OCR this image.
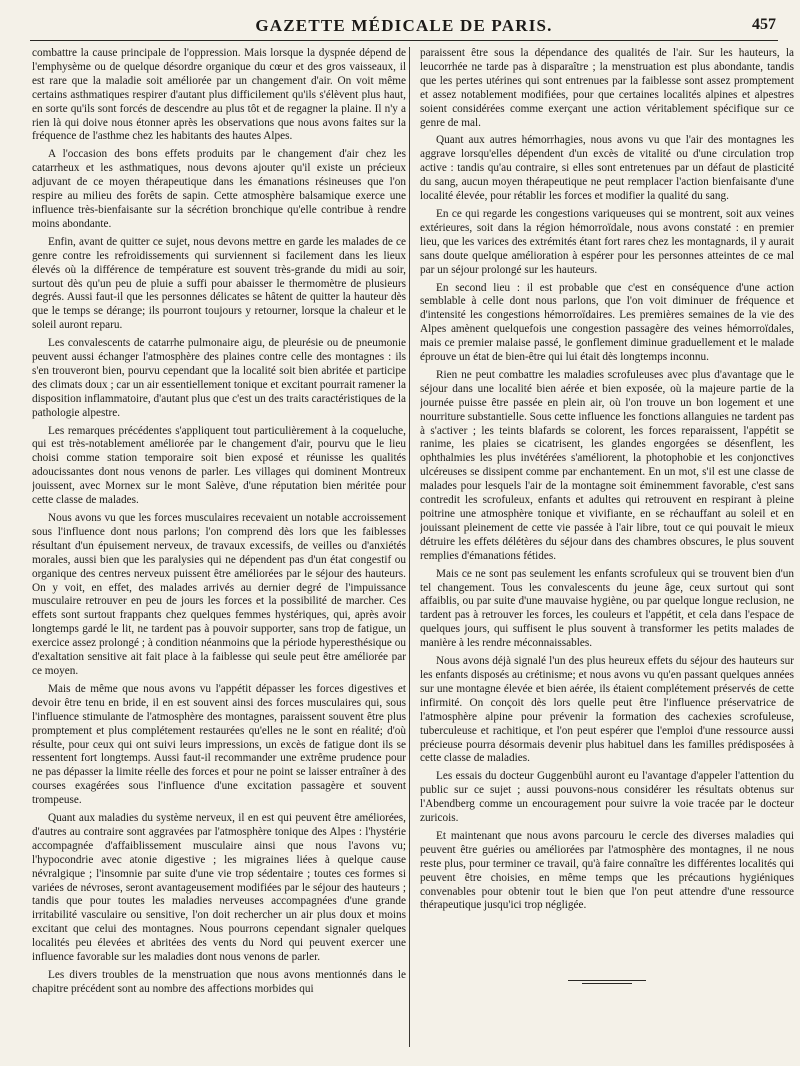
GAZETTE MÉDICALE DE PARIS.	457

combattre la cause principale de l'oppression. Mais lorsque la dyspnée dépend de l'emphysème ou de quelque désordre organique du cœur et des gros vaisseaux, il est rare que la maladie soit améliorée par un changement d'air. On voit même certains asthmatiques respirer d'autant plus difficilement qu'ils s'élèvent plus haut, en sorte qu'ils sont forcés de descendre au plus tôt et de regagner la plaine. Il n'y a rien là qui doive nous étonner après les observations que nous avons faites sur la fréquence de l'asthme chez les habitants des hautes Alpes.

A l'occasion des bons effets produits par le changement d'air chez les catarrheux et les asthmatiques, nous devons ajouter qu'il existe un précieux adjuvant de ce moyen thérapeutique dans les émanations résineuses que l'on respire au milieu des forêts de sapin. Cette atmosphère balsamique exerce une influence très-bienfaisante sur la sécrétion bronchique qu'elle contribue à rendre moins abondante.

Enfin, avant de quitter ce sujet, nous devons mettre en garde les malades de ce genre contre les refroidissements qui surviennent si facilement dans les lieux élevés où la différence de température est souvent très-grande du midi au soir, surtout dès qu'un peu de pluie a suffi pour abaisser le thermomètre de plusieurs degrés. Aussi faut-il que les personnes délicates se hâtent de quitter la hauteur dès que le temps se dérange; ils pourront toujours y retourner, lorsque la chaleur et le soleil auront reparu.

Les convalescents de catarrhe pulmonaire aigu, de pleurésie ou de pneumonie peuvent aussi échanger l'atmosphère des plaines contre celle des montagnes : ils s'en trouveront bien, pourvu cependant que la localité soit bien abritée et participe des climats doux ; car un air essentiellement tonique et excitant pourrait ramener la disposition inflammatoire, d'autant plus que c'est un des traits caractéristiques de la pathologie alpestre.

Les remarques précédentes s'appliquent tout particulièrement à la coqueluche, qui est très-notablement améliorée par le changement d'air, pourvu que le lieu choisi comme station temporaire soit bien exposé et réunisse les qualités adoucissantes dont nous venons de parler. Les villages qui dominent Montreux jouissent, avec Mornex sur le mont Salève, d'une réputation bien méritée pour cette classe de malades.

Nous avons vu que les forces musculaires recevaient un notable accroissement sous l'influence dont nous parlons; l'on comprend dès lors que les faiblesses résultant d'un épuisement nerveux, de travaux excessifs, de veilles ou d'anxiétés morales, aussi bien que les paralysies qui ne dépendent pas d'un état congestif ou organique des centres nerveux puissent être améliorées par le séjour des hauteurs. On y voit, en effet, des malades arrivés au dernier degré de l'impuissance musculaire retrouver en peu de jours les forces et la possibilité de marcher. Ces effets sont surtout frappants chez quelques femmes hystériques, qui, après avoir longtemps gardé le lit, ne tardent pas à pouvoir supporter, sans trop de fatigue, un exercice assez prolongé ; à condition néanmoins que la période hyperesthésique ou d'exaltation sensitive ait fait place à la faiblesse qui seule peut être améliorée par ce moyen.

Mais de même que nous avons vu l'appétit dépasser les forces digestives et devoir être tenu en bride, il en est souvent ainsi des forces musculaires qui, sous l'influence stimulante de l'atmosphère des montagnes, paraissent souvent être plus promptement et plus complétement restaurées qu'elles ne le sont en réalité; d'où résulte, pour ceux qui ont suivi leurs impressions, un excès de fatigue dont ils se ressentent fort longtemps. Aussi faut-il recommander une extrême prudence pour ne pas dépasser la limite réelle des forces et pour ne point se laisser entraîner à des courses exagérées sous l'influence d'une excitation passagère et souvent trompeuse.

Quant aux maladies du système nerveux, il en est qui peuvent être améliorées, d'autres au contraire sont aggravées par l'atmosphère tonique des Alpes : l'hystérie accompagnée d'affaiblissement musculaire ainsi que nous l'avons vu; l'hypocondrie avec atonie digestive ; les migraines liées à quelque cause névralgique ; l'insomnie par suite d'une vie trop sédentaire ; toutes ces formes si variées de névroses, seront avantageusement modifiées par le séjour des hauteurs ; tandis que pour toutes les maladies nerveuses accompagnées d'une grande irritabilité vasculaire ou sensitive, l'on doit rechercher un air plus doux et moins excitant que celui des montagnes. Nous pourrons cependant signaler quelques localités peu élevées et abritées des vents du Nord qui peuvent exercer une influence favorable sur les maladies dont nous venons de parler.

Les divers troubles de la menstruation que nous avons mentionnés dans le chapitre précédent sont au nombre des affections morbides qui

paraissent être sous la dépendance des qualités de l'air. Sur les hauteurs, la leucorrhée ne tarde pas à disparaître ; la menstruation est plus abondante, tandis que les pertes utérines qui sont entrenues par la faiblesse sont assez promptement et assez notablement modifiées, pour que certaines localités alpines et alpestres soient considérées comme exerçant une action véritablement spécifique sur ce genre de mal.

Quant aux autres hémorrhagies, nous avons vu que l'air des montagnes les aggrave lorsqu'elles dépendent d'un excès de vitalité ou d'une circulation trop active : tandis qu'au contraire, si elles sont entretenues par un défaut de plasticité du sang, aucun moyen thérapeutique ne peut remplacer l'action bienfaisante d'une localité élevée, pour rétablir les forces et modifier la qualité du sang.

En ce qui regarde les congestions variqueuses qui se montrent, soit aux veines extérieures, soit dans la région hémorroïdale, nous avons constaté : en premier lieu, que les varices des extrémités étant fort rares chez les montagnards, il y aurait sans doute quelque amélioration à espérer pour les personnes atteintes de ce mal par un séjour prolongé sur les hauteurs.

En second lieu : il est probable que c'est en conséquence d'une action semblable à celle dont nous parlons, que l'on voit diminuer de fréquence et d'intensité les congestions hémorroïdaires. Les premières semaines de la vie des Alpes amènent quelquefois une congestion passagère des veines hémorroïdales, mais ce premier malaise passé, le gonflement diminue graduellement et le malade éprouve un état de bien-être qui lui était dès longtemps inconnu.

Rien ne peut combattre les maladies scrofuleuses avec plus d'avantage que le séjour dans une localité bien aérée et bien exposée, où la majeure partie de la journée puisse être passée en plein air, où l'on trouve un bon logement et une nourriture substantielle. Sous cette influence les fonctions allanguies ne tardent pas à s'activer ; les teints blafards se colorent, les forces reparaissent, l'appétit se ranime, les plaies se cicatrisent, les glandes engorgées se désenflent, les ophthalmies les plus invétérées s'améliorent, la photophobie et les conjonctives ulcéreuses se dissipent comme par enchantement. En un mot, s'il est une classe de malades pour lesquels l'air de la montagne soit éminemment favorable, c'est sans contredit les scrofuleux, enfants et adultes qui retrouvent en respirant à pleine poitrine une atmosphère tonique et vivifiante, en se réchauffant au soleil et en jouissant pleinement de cette vie passée à l'air libre, tout ce qui pouvait le mieux détruire les effets délétères du séjour dans des chambres obscures, le plus souvent remplies d'émanations fétides.

Mais ce ne sont pas seulement les enfants scrofuleux qui se trouvent bien d'un tel changement. Tous les convalescents du jeune âge, ceux surtout qui sont affaiblis, ou par suite d'une mauvaise hygiène, ou par quelque longue reclusion, ne tardent pas à retrouver les forces, les couleurs et l'appétit, et cela dans l'espace de quelques jours, qui suffisent le plus souvent à transformer les petits malades de manière à les rendre méconnaissables.

Nous avons déjà signalé l'un des plus heureux effets du séjour des hauteurs sur les enfants disposés au crétinisme; et nous avons vu qu'en passant quelques années sur une montagne élevée et bien aérée, ils étaient complétement préservés de cette infirmité. On conçoit dès lors quelle peut être l'influence préservatrice de l'atmosphère alpine pour prévenir la formation des cachexies scrofuleuse, tuberculeuse et rachitique, et l'on peut espérer que l'emploi d'une ressource aussi précieuse pourra désormais devenir plus habituel dans les familles prédisposées à cette classe de maladies.

Les essais du docteur Guggenbühl auront eu l'avantage d'appeler l'attention du public sur ce sujet ; aussi pouvons-nous considérer les résultats obtenus sur l'Abendberg comme un encouragement pour suivre la voie tracée par le docteur zuricois.

Et maintenant que nous avons parcouru le cercle des diverses maladies qui peuvent être guéries ou améliorées par l'atmosphère des montagnes, il ne nous reste plus, pour terminer ce travail, qu'à faire connaître les différentes localités qui peuvent être choisies, en même temps que les précautions hygiéniques convenables pour obtenir tout le bien que l'on peut attendre d'une ressource thérapeutique jusqu'ici trop négligée.
